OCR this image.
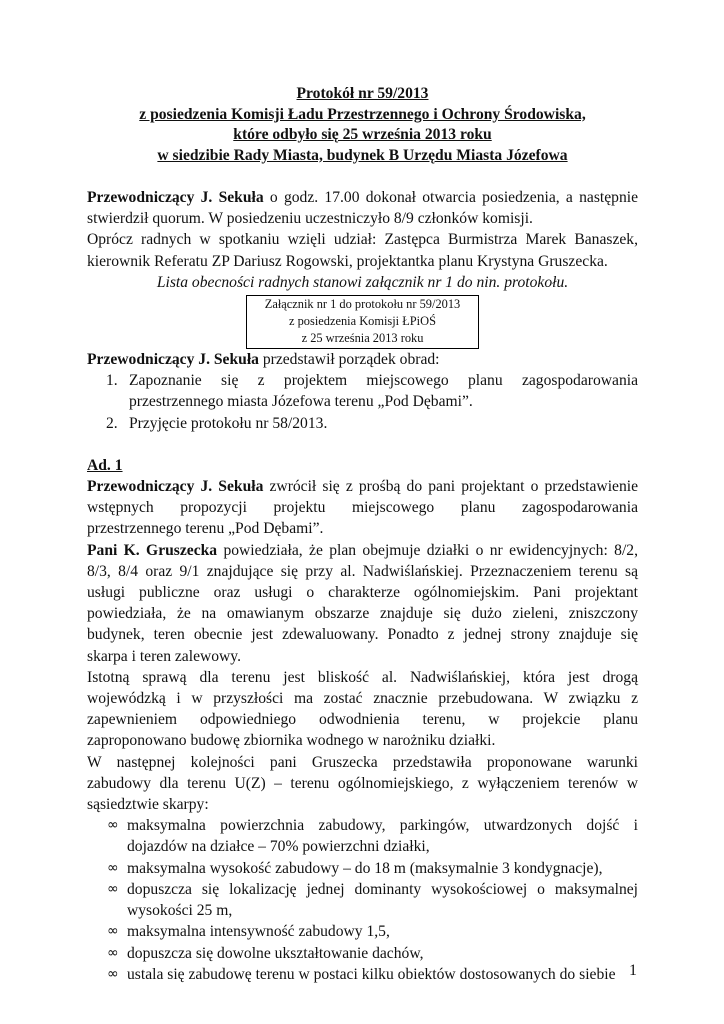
Protokół nr 59/2013
z posiedzenia Komisji Ładu Przestrzennego i Ochrony Środowiska,
które odbyło się 25 września 2013 roku
w siedzibie Rady Miasta, budynek B Urzędu Miasta Józefowa
Przewodniczący J. Sekuła o godz. 17.00 dokonał otwarcia posiedzenia, a następnie
stwierdził quorum. W posiedzeniu uczestniczyło 8/9 członków komisji.
Oprócz radnych w spotkaniu wzięli udział: Zastępca Burmistrza Marek Banaszek,
kierownik Referatu ZP Dariusz Rogowski, projektantka planu Krystyna Gruszecka.
Lista obecności radnych stanowi załącznik nr 1 do nin. protokołu.
Załącznik nr 1 do protokołu nr 59/2013
z posiedzenia Komisji ŁPiOŚ
z 25 września 2013 roku
Przewodniczący J. Sekuła przedstawił porządek obrad:
1. Zapoznanie się z projektem miejscowego planu zagospodarowania
przestrzennego miasta Józefowa terenu „Pod Dębami”.
2. Przyjęcie protokołu nr 58/2013.
Ad. 1
Przewodniczący J. Sekuła zwrócił się z prośbą do pani projektant o przedstawienie
wstępnych propozycji projektu miejscowego planu zagospodarowania
przestrzennego terenu „Pod Dębami”.
Pani K. Gruszecka powiedziała, że plan obejmuje działki o nr ewidencyjnych: 8/2,
8/3, 8/4 oraz 9/1 znajdujące się przy al. Nadwiślańskiej. Przeznaczeniem terenu są
usługi publiczne oraz usługi o charakterze ogólnomiejskim. Pani projektant
powiedziała, że na omawianym obszarze znajduje się dużo zieleni, zniszczony
budynek, teren obecnie jest zdewaluowany. Ponadto z jednej strony znajduje się
skarpa i teren zalewowy.
Istotną sprawą dla terenu jest bliskość al. Nadwiślańskiej, która jest drogą
wojewódzką i w przyszłości ma zostać znacznie przebudowana. W związku z
zapewnieniem odpowiedniego odwodnienia terenu, w projekcie planu
zaproponowano budowę zbiornika wodnego w narożniku działki.
W następnej kolejności pani Gruszecka przedstawiła proponowane warunki
zabudowy dla terenu U(Z) – terenu ogólnomiejskiego, z wyłączeniem terenów w
sąsiedztwie skarpy:
∞ maksymalna powierzchnia zabudowy, parkingów, utwardzonych dojść i
dojazdów na działce – 70% powierzchni działki,
∞ maksymalna wysokość zabudowy – do 18 m (maksymalnie 3 kondygnacje),
∞ dopuszcza się lokalizację jednej dominanty wysokościowej o maksymalnej
wysokości 25 m,
∞ maksymalna intensywność zabudowy 1,5,
∞ dopuszcza się dowolne ukształtowanie dachów,
∞ ustala się zabudowę terenu w postaci kilku obiektów dostosowanych do siebie 1
